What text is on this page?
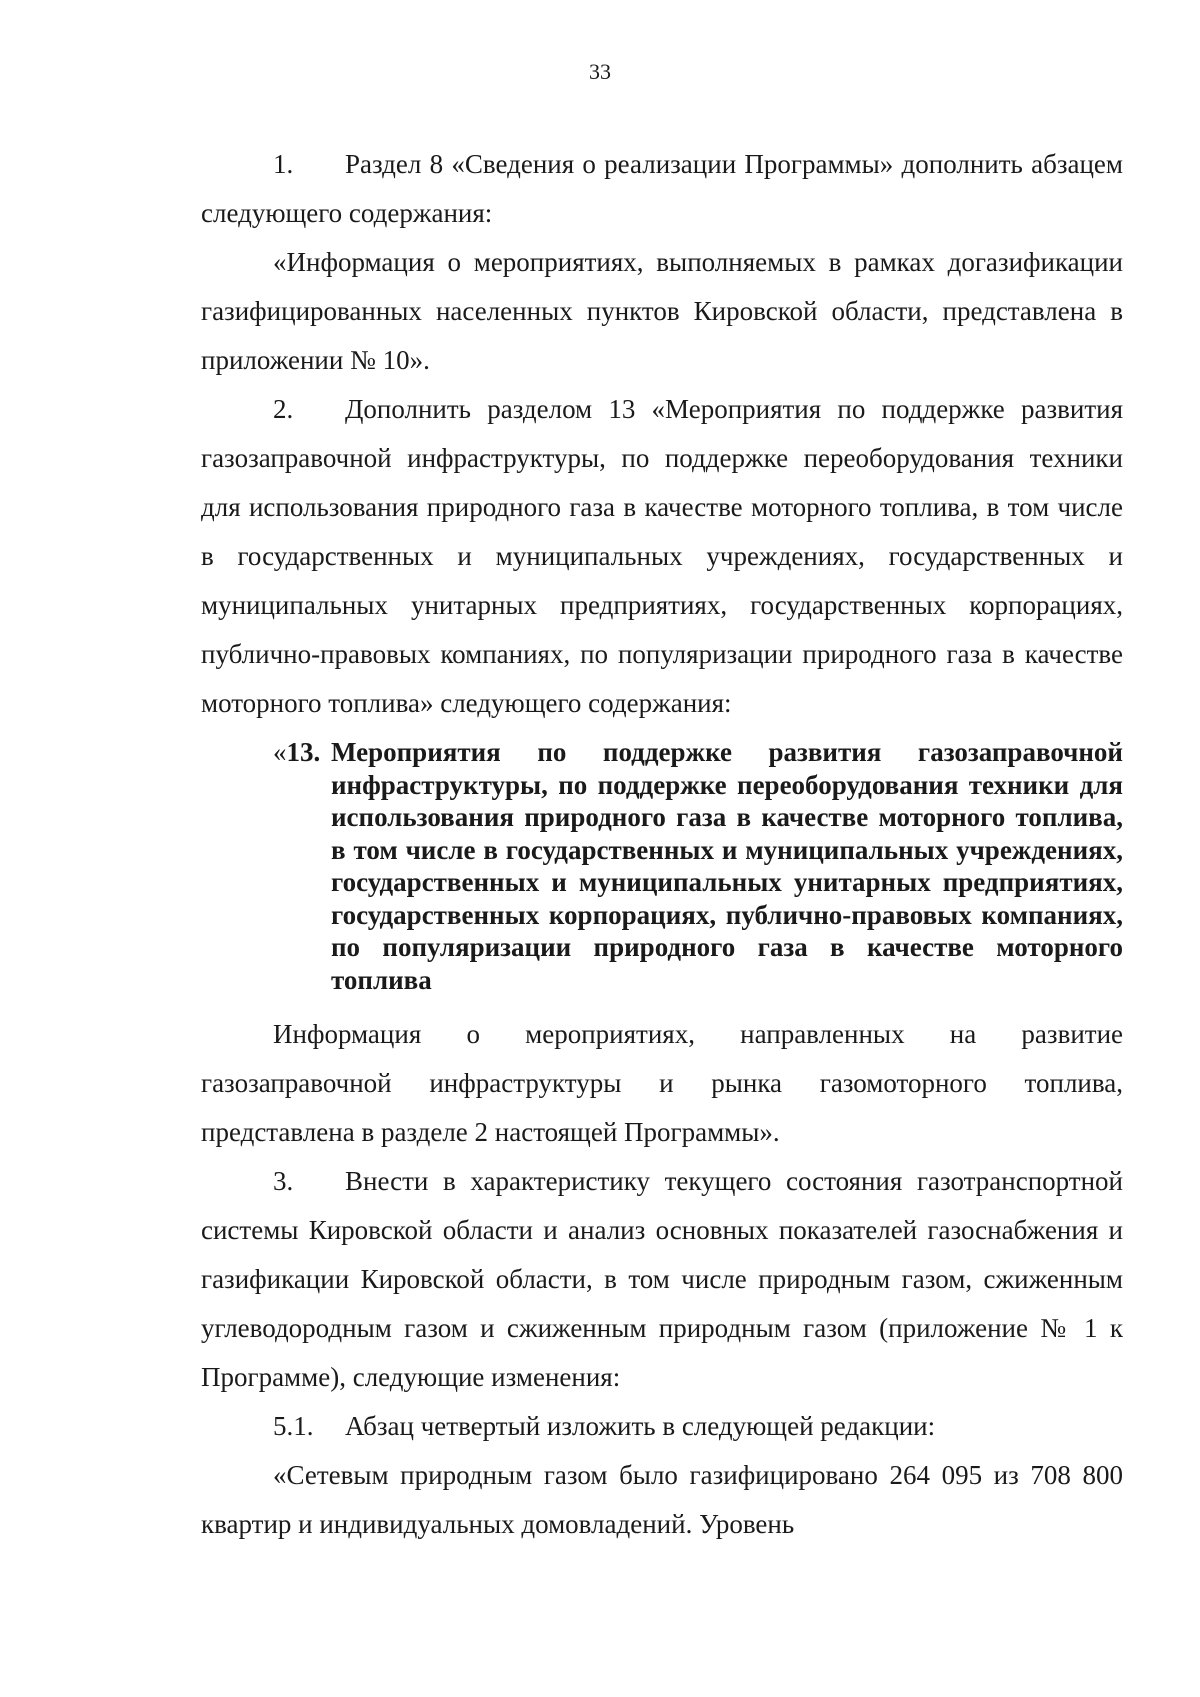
33

1. Раздел 8 «Сведения о реализации Программы» дополнить абзацем следующего содержания:

«Информация о мероприятиях, выполняемых в рамках догазификации газифицированных населенных пунктов Кировской области, представлена в приложении № 10».

2. Дополнить разделом 13 «Мероприятия по поддержке развития газозаправочной инфраструктуры, по поддержке переоборудования техники для использования природного газа в качестве моторного топлива, в том числе в государственных и муниципальных учреждениях, государственных и муниципальных унитарных предприятиях, государственных корпорациях, публично-правовых компаниях, по популяризации природного газа в качестве моторного топлива» следующего содержания:

«13. Мероприятия по поддержке развития газозаправочной инфраструктуры, по поддержке переоборудования техники для использования природного газа в качестве моторного топлива, в том числе в государственных и муниципальных учреждениях, государственных и муниципальных унитарных предприятиях, государственных корпорациях, публично-правовых компаниях, по популяризации природного газа в качестве моторного топлива

Информация о мероприятиях, направленных на развитие газозаправочной инфраструктуры и рынка газомоторного топлива, представлена в разделе 2 настоящей Программы».

3. Внести в характеристику текущего состояния газотранспортной системы Кировской области и анализ основных показателей газоснабжения и газификации Кировской области, в том числе природным газом, сжиженным углеводородным газом и сжиженным природным газом (приложение № 1 к Программе), следующие изменения:

5.1. Абзац четвертый изложить в следующей редакции:

«Сетевым природным газом было газифицировано 264 095 из 708 800 квартир и индивидуальных домовладений. Уровень
